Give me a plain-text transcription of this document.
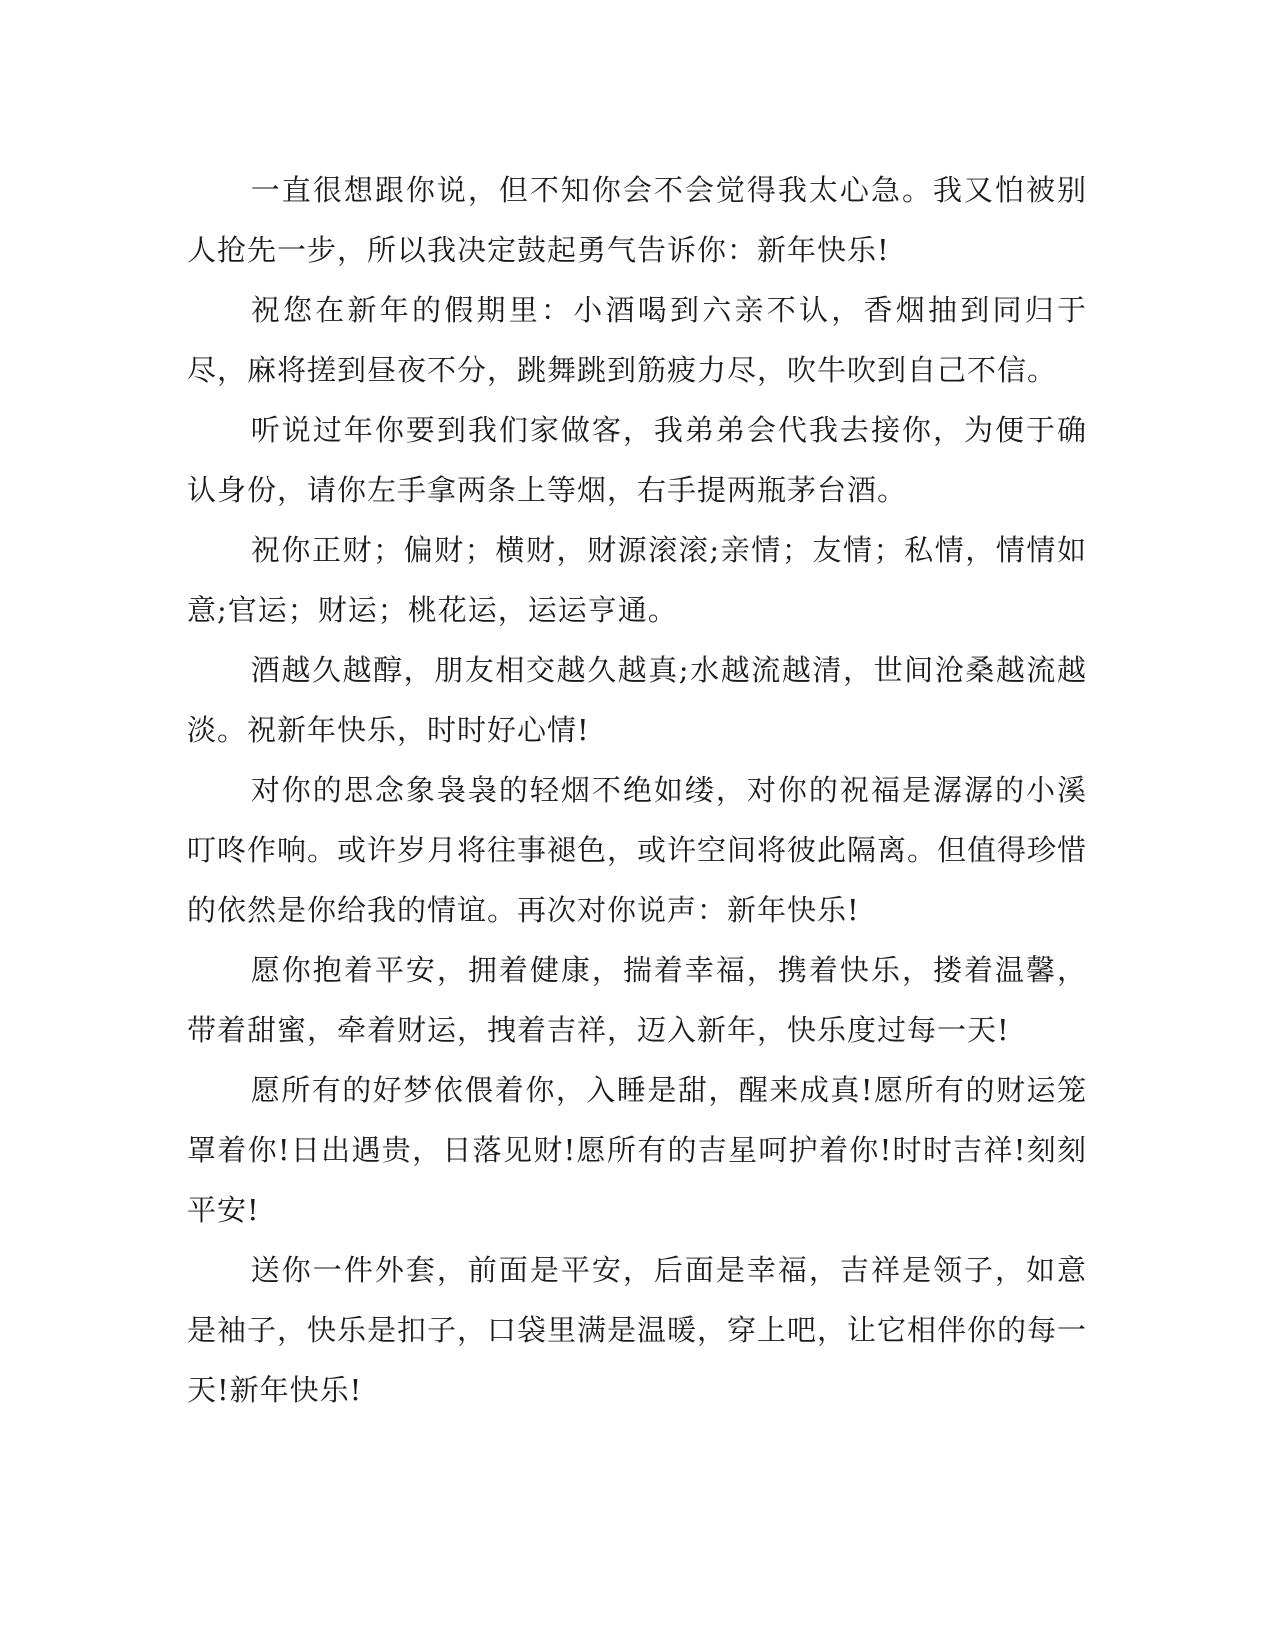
一直很想跟你说，但不知你会不会觉得我太心急。我又怕被别人抢先一步，所以我决定鼓起勇气告诉你：新年快乐!

祝您在新年的假期里：小酒喝到六亲不认，香烟抽到同归于尽，麻将搓到昼夜不分，跳舞跳到筋疲力尽，吹牛吹到自己不信。

听说过年你要到我们家做客，我弟弟会代我去接你，为便于确认身份，请你左手拿两条上等烟，右手提两瓶茅台酒。

祝你正财；偏财；横财，财源滚滚;亲情；友情；私情，情情如意;官运；财运；桃花运，运运亨通。

酒越久越醇，朋友相交越久越真;水越流越清，世间沧桑越流越淡。祝新年快乐，时时好心情!

对你的思念象袅袅的轻烟不绝如缕，对你的祝福是潺潺的小溪叮咚作响。或许岁月将往事褪色，或许空间将彼此隔离。但值得珍惜的依然是你给我的情谊。再次对你说声：新年快乐!

愿你抱着平安，拥着健康，揣着幸福，携着快乐，搂着温馨，带着甜蜜，牵着财运，拽着吉祥，迈入新年，快乐度过每一天!

愿所有的好梦依偎着你，入睡是甜，醒来成真!愿所有的财运笼罩着你!日出遇贵，日落见财!愿所有的吉星呵护着你!时时吉祥!刻刻平安!

送你一件外套，前面是平安，后面是幸福，吉祥是领子，如意是袖子，快乐是扣子，口袋里满是温暖，穿上吧，让它相伴你的每一天!新年快乐!
